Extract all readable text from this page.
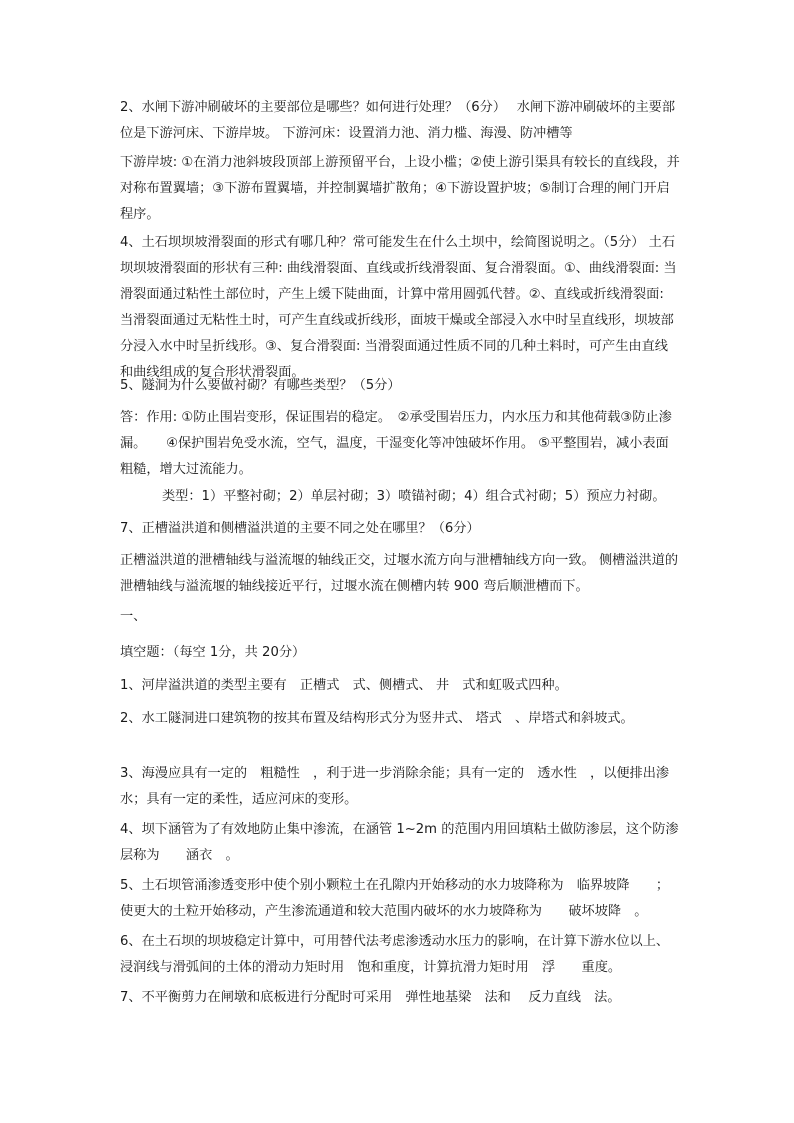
2、水闸下游冲刷破坏的主要部位是哪些？如何进行处理？（6分）　 水闸下游冲刷破坏的主要部位是下游河床、下游岸坡。 下游河床：设置消力池、消力槛、海漫、防冲槽等

下游岸坡: ①在消力池斜坡段顶部上游预留平台，上设小槛；②使上游引渠具有较长的直线段，并对称布置翼墙；③下游布置翼墙，并控制翼墙扩散角；④下游设置护坡；⑤制订合理的闸门开启程序。

4、土石坝坝坡滑裂面的形式有哪几种？常可能发生在什么土坝中，绘简图说明之。（5分） 土石坝坝坡滑裂面的形状有三种: 曲线滑裂面、直线或折线滑裂面、复合滑裂面。①、曲线滑裂面: 当滑裂面通过粘性土部位时，产生上缓下陡曲面，计算中常用圆弧代替。②、直线或折线滑裂面: 当滑裂面通过无粘性土时，可产生直线或折线形，面坡干燥或全部浸入水中时呈直线形，坝坡部分浸入水中时呈折线形。③、复合滑裂面: 当滑裂面通过性质不同的几种土料时，可产生由直线和曲线组成的复合形状滑裂面。

5、隧洞为什么要做衬砌？有哪些类型？（5分）

答：作用: ①防止围岩变形，保证围岩的稳定。　②承受围岩压力，内水压力和其他荷载③防止渗漏。　　④保护围岩免受水流，空气，温度，干湿变化等冲蚀破坏作用。 ⑤平整围岩，减小表面粗糙，增大过流能力。

类型：1）平整衬砌；2）单层衬砌；3）喷锚衬砌；4）组合式衬砌；5）预应力衬砌。

7、正槽溢洪道和侧槽溢洪道的主要不同之处在哪里？（6分）

正槽溢洪道的泄槽轴线与溢流堰的轴线正交，过堰水流方向与泄槽轴线方向一致。 侧槽溢洪道的泄槽轴线与溢流堰的轴线接近平行，过堰水流在侧槽内转 900 弯后顺泄槽而下。

一、

填空题：（每空 1分，共 20分）

1、河岸溢洪道的类型主要有　正槽式　式、侧槽式、 井　式和虹吸式四种。

2、水工隧洞进口建筑物的按其布置及结构形式分为竖井式、 塔式　、岸塔式和斜坡式。

3、海漫应具有一定的　粗糙性　，利于进一步消除余能；具有一定的　透水性　，以便排出渗水；具有一定的柔性，适应河床的变形。

4、坝下涵管为了有效地防止集中渗流，在涵管 1~2m 的范围内用回填粘土做防渗层，这个防渗层称为　　涵衣　。

5、土石坝管涌渗透变形中使个别小颗粒土在孔隙内开始移动的水力坡降称为　临界坡降　　；使更大的土粒开始移动，产生渗流通道和较大范围内破坏的水力坡降称为　　破坏坡降　。

6、在土石坝的坝坡稳定计算中，可用替代法考虑渗透动水压力的影响，在计算下游水位以上、浸润线与滑弧间的土体的滑动力矩时用　饱和重度，计算抗滑力矩时用　浮　　重度。

7、不平衡剪力在闸墩和底板进行分配时可采用　弹性地基梁　法和　 反力直线　法。
